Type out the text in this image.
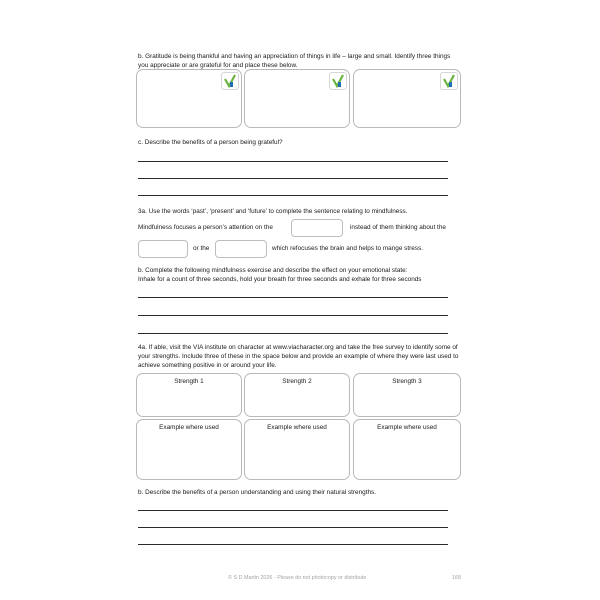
b. Gratitude is being thankful and having an appreciation of things in life – large and small. Identify three things you appreciate or are grateful for and place these below.
c. Describe the benefits of a person being grateful?
3a. Use the words ‘past’, ‘present’ and ‘future’ to complete the sentence relating to mindfulness.
Mindfulness focuses a person’s attention on the	instead of them thinking about the
or the	which refocuses the brain and helps to mange stress.
b. Complete the following mindfulness exercise and describe the effect on your emotional state:
Inhale for a count of three seconds, hold your breath for three seconds and exhale for three seconds
4a. If able, visit the VIA institute on character at www.viacharacter.org and take the free survey to identify some of your strengths. Include three of these in the space below and provide an example of where they were last used to achieve something positive in or around your life.
Strength 1	Strength 2	Strength 3
Example where used	Example where used	Example where used
b. Describe the benefits of a person understanding and using their natural strengths.
© S D Martin 2026 - Please do not photocopy or distribute	168
